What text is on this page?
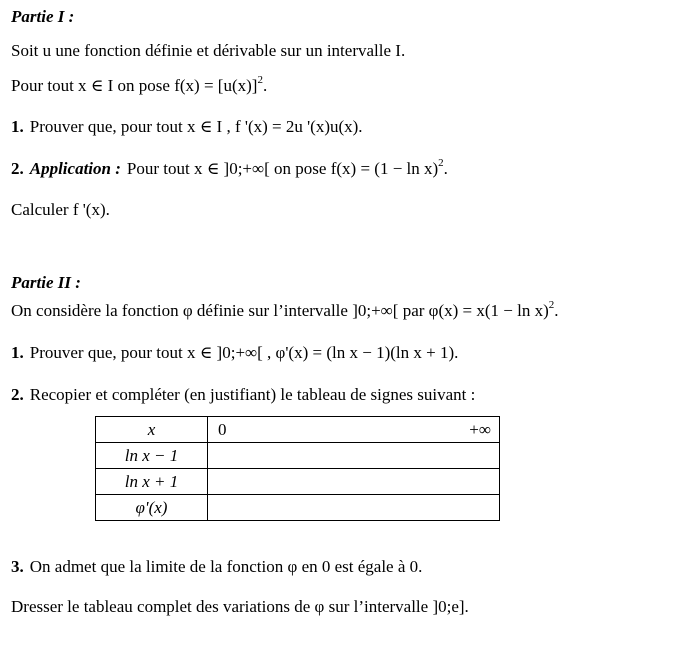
Partie I :
Soit u une fonction définie et dérivable sur un intervalle I.
Pour tout x ∈ I on pose $f(x) = [u(x)]^2$.
1. Prouver que, pour tout x ∈ I , f '(x) = 2u '(x)u(x).
2. Application : Pour tout x ∈ ]0;+∞[ on pose $f(x) = (1 - \ln x)^2$.
Calculer f '(x).
Partie II :
On considère la fonction φ définie sur l’intervalle ]0;+∞[ par $\varphi(x) = x(1 - \ln x)^2$.
1. Prouver que, pour tout x ∈ ]0;+∞[ , φ'(x) = (ln x − 1)(ln x + 1).
2. Recopier et compléter (en justifiant) le tableau de signes suivant :
x	0 +∞

ln x − 1	
ln x + 1	
φ'(x)	
3. On admet que la limite de la fonction φ en 0 est égale à 0.
Dresser le tableau complet des variations de φ sur l’intervalle ]0;e].
